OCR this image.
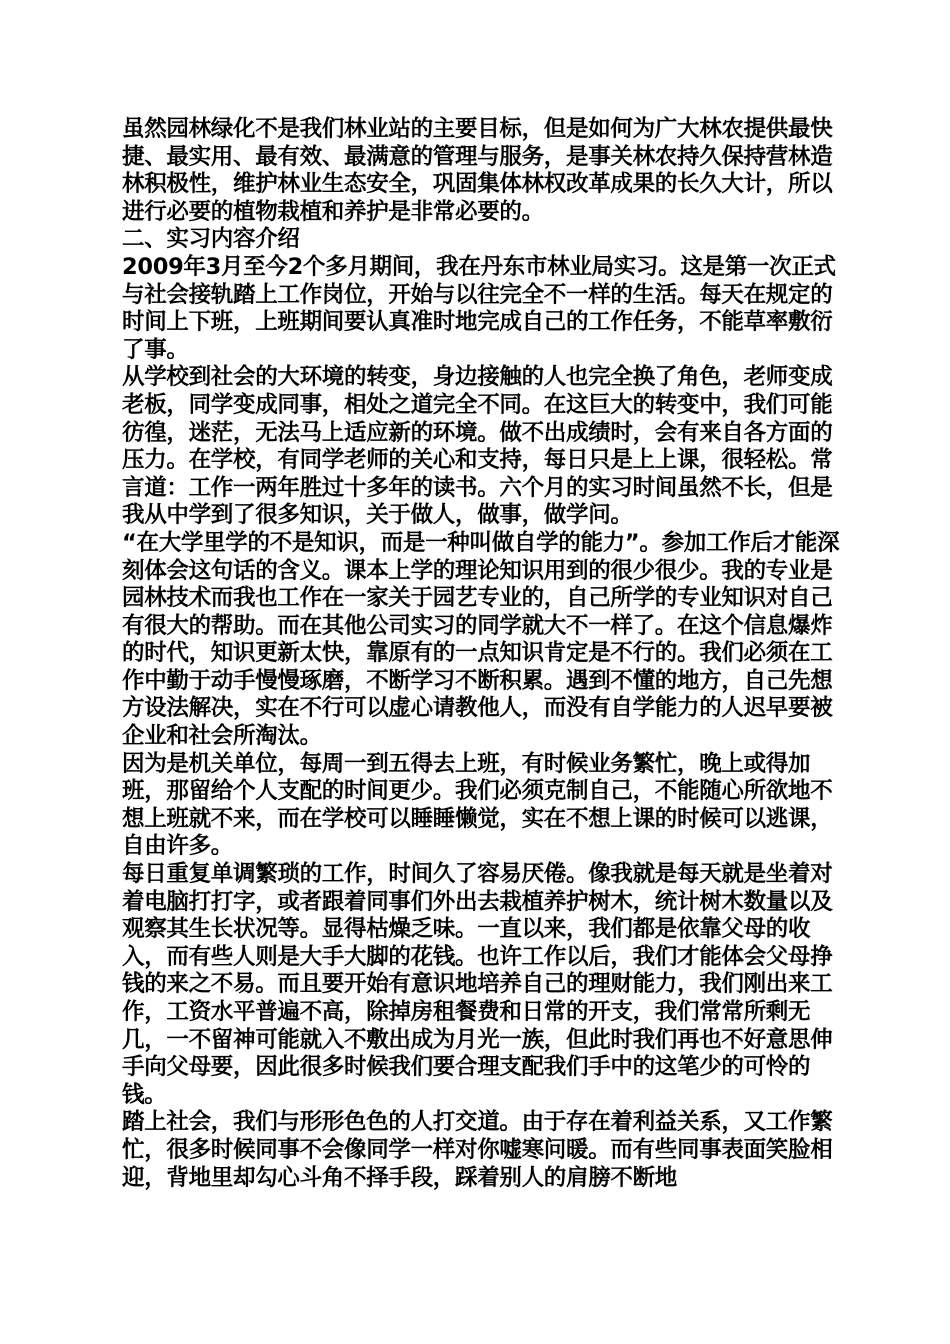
虽然园林绿化不是我们林业站的主要目标，但是如何为广大林农提供最快捷、最实用、最有效、最满意的管理与服务，是事关林农持久保持营林造林积极性，维护林业生态安全，巩固集体林权改革成果的长久大计，所以进行必要的植物栽植和养护是非常必要的。

二、实习内容介绍

2009年3月至今2个多月期间，我在丹东市林业局实习。这是第一次正式与社会接轨踏上工作岗位，开始与以往完全不一样的生活。每天在规定的时间上下班，上班期间要认真准时地完成自己的工作任务，不能草率敷衍了事。

从学校到社会的大环境的转变，身边接触的人也完全换了角色，老师变成老板，同学变成同事，相处之道完全不同。在这巨大的转变中，我们可能彷徨，迷茫，无法马上适应新的环境。做不出成绩时，会有来自各方面的压力。在学校，有同学老师的关心和支持，每日只是上上课，很轻松。常言道：工作一两年胜过十多年的读书。六个月的实习时间虽然不长，但是我从中学到了很多知识，关于做人，做事，做学问。

“在大学里学的不是知识，而是一种叫做自学的能力”。参加工作后才能深刻体会这句话的含义。课本上学的理论知识用到的很少很少。我的专业是园林技术而我也工作在一家关于园艺专业的，自己所学的专业知识对自己有很大的帮助。而在其他公司实习的同学就大不一样了。在这个信息爆炸的时代，知识更新太快，靠原有的一点知识肯定是不行的。我们必须在工作中勤于动手慢慢琢磨，不断学习不断积累。遇到不懂的地方，自己先想方设法解决，实在不行可以虚心请教他人，而没有自学能力的人迟早要被企业和社会所淘汰。

因为是机关单位，每周一到五得去上班，有时候业务繁忙，晚上或得加班，那留给个人支配的时间更少。我们必须克制自己，不能随心所欲地不想上班就不来，而在学校可以睡睡懒觉，实在不想上课的时候可以逃课，自由许多。

每日重复单调繁琐的工作，时间久了容易厌倦。像我就是每天就是坐着对着电脑打打字，或者跟着同事们外出去栽植养护树木，统计树木数量以及观察其生长状况等。显得枯燥乏味。一直以来，我们都是依靠父母的收入，而有些人则是大手大脚的花钱。也许工作以后，我们才能体会父母挣钱的来之不易。而且要开始有意识地培养自己的理财能力，我们刚出来工作，工资水平普遍不高，除掉房租餐费和日常的开支，我们常常所剩无几，一不留神可能就入不敷出成为月光一族，但此时我们再也不好意思伸手向父母要，因此很多时候我们要合理支配我们手中的这笔少的可怜的钱。

踏上社会，我们与形形色色的人打交道。由于存在着利益关系，又工作繁忙，很多时候同事不会像同学一样对你嘘寒问暖。而有些同事表面笑脸相迎，背地里却勾心斗角不择手段，踩着别人的肩膀不断地
